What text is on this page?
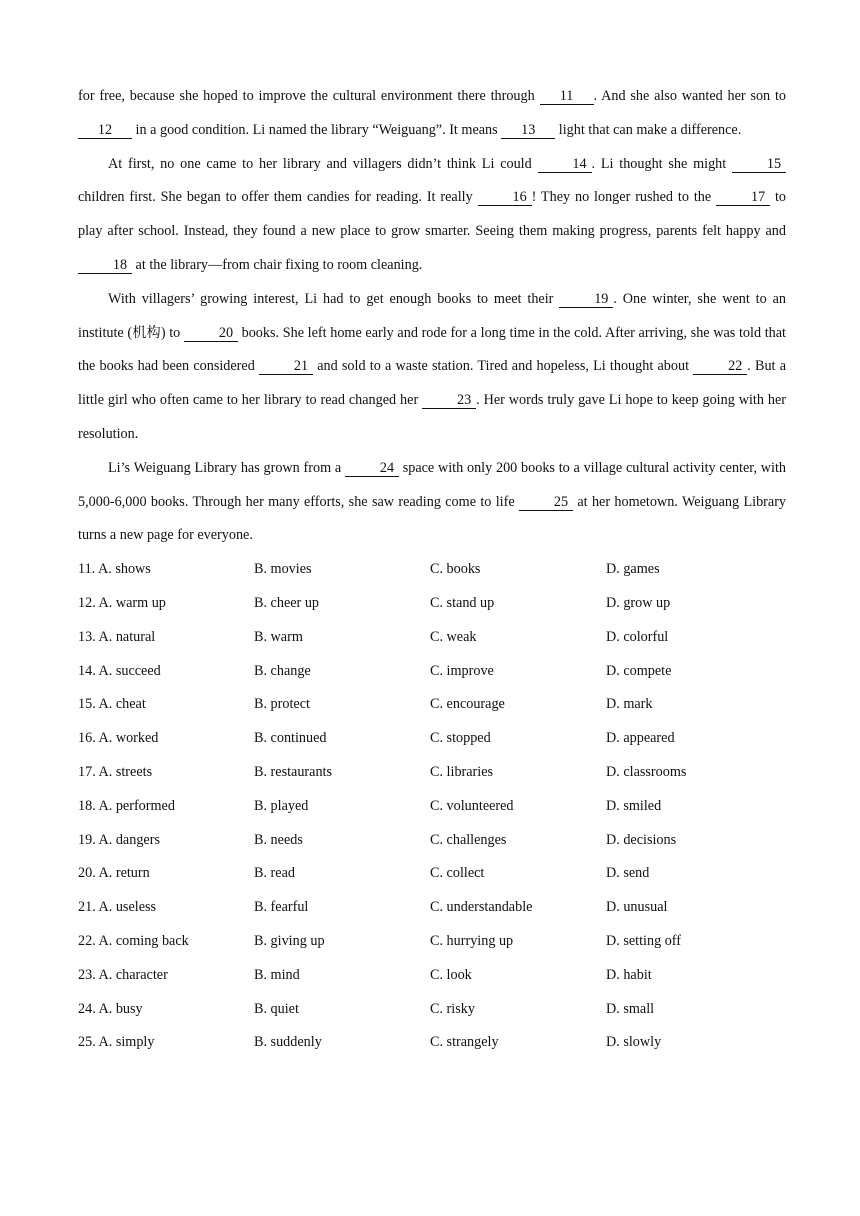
for free, because she hoped to improve the cultural environment there through 11 . And she also wanted her son to 12 in a good condition. Li named the library “Weiguang”. It means 13 light that can make a difference.

At first, no one came to her library and villagers didn’t think Li could 14 . Li thought she might 15 children first. She began to offer them candies for reading. It really 16 ! They no longer rushed to the 17 to play after school. Instead, they found a new place to grow smarter. Seeing them making progress, parents felt happy and 18 at the library—from chair fixing to room cleaning.

With villagers’ growing interest, Li had to get enough books to meet their 19 . One winter, she went to an institute (机构) to 20 books. She left home early and rode for a long time in the cold. After arriving, she was told that the books had been considered 21 and sold to a waste station. Tired and hopeless, Li thought about 22 . But a little girl who often came to her library to read changed her 23 . Her words truly gave Li hope to keep going with her resolution.

Li’s Weiguang Library has grown from a 24 space with only 200 books to a village cultural activity center, with 5,000-6,000 books. Through her many efforts, she saw reading come to life 25 at her hometown. Weiguang Library turns a new page for everyone.

11. A. shows	B. movies	C. books	D. games
12. A. warm up	B. cheer up	C. stand up	D. grow up
13. A. natural	B. warm	C. weak	D. colorful
14. A. succeed	B. change	C. improve	D. compete
15. A. cheat	B. protect	C. encourage	D. mark
16. A. worked	B. continued	C. stopped	D. appeared
17. A. streets	B. restaurants	C. libraries	D. classrooms
18. A. performed	B. played	C. volunteered	D. smiled
19. A. dangers	B. needs	C. challenges	D. decisions
20. A. return	B. read	C. collect	D. send
21. A. useless	B. fearful	C. understandable	D. unusual
22. A. coming back	B. giving up	C. hurrying up	D. setting off
23. A. character	B. mind	C. look	D. habit
24. A. busy	B. quiet	C. risky	D. small
25. A. simply	B. suddenly	C. strangely	D. slowly
